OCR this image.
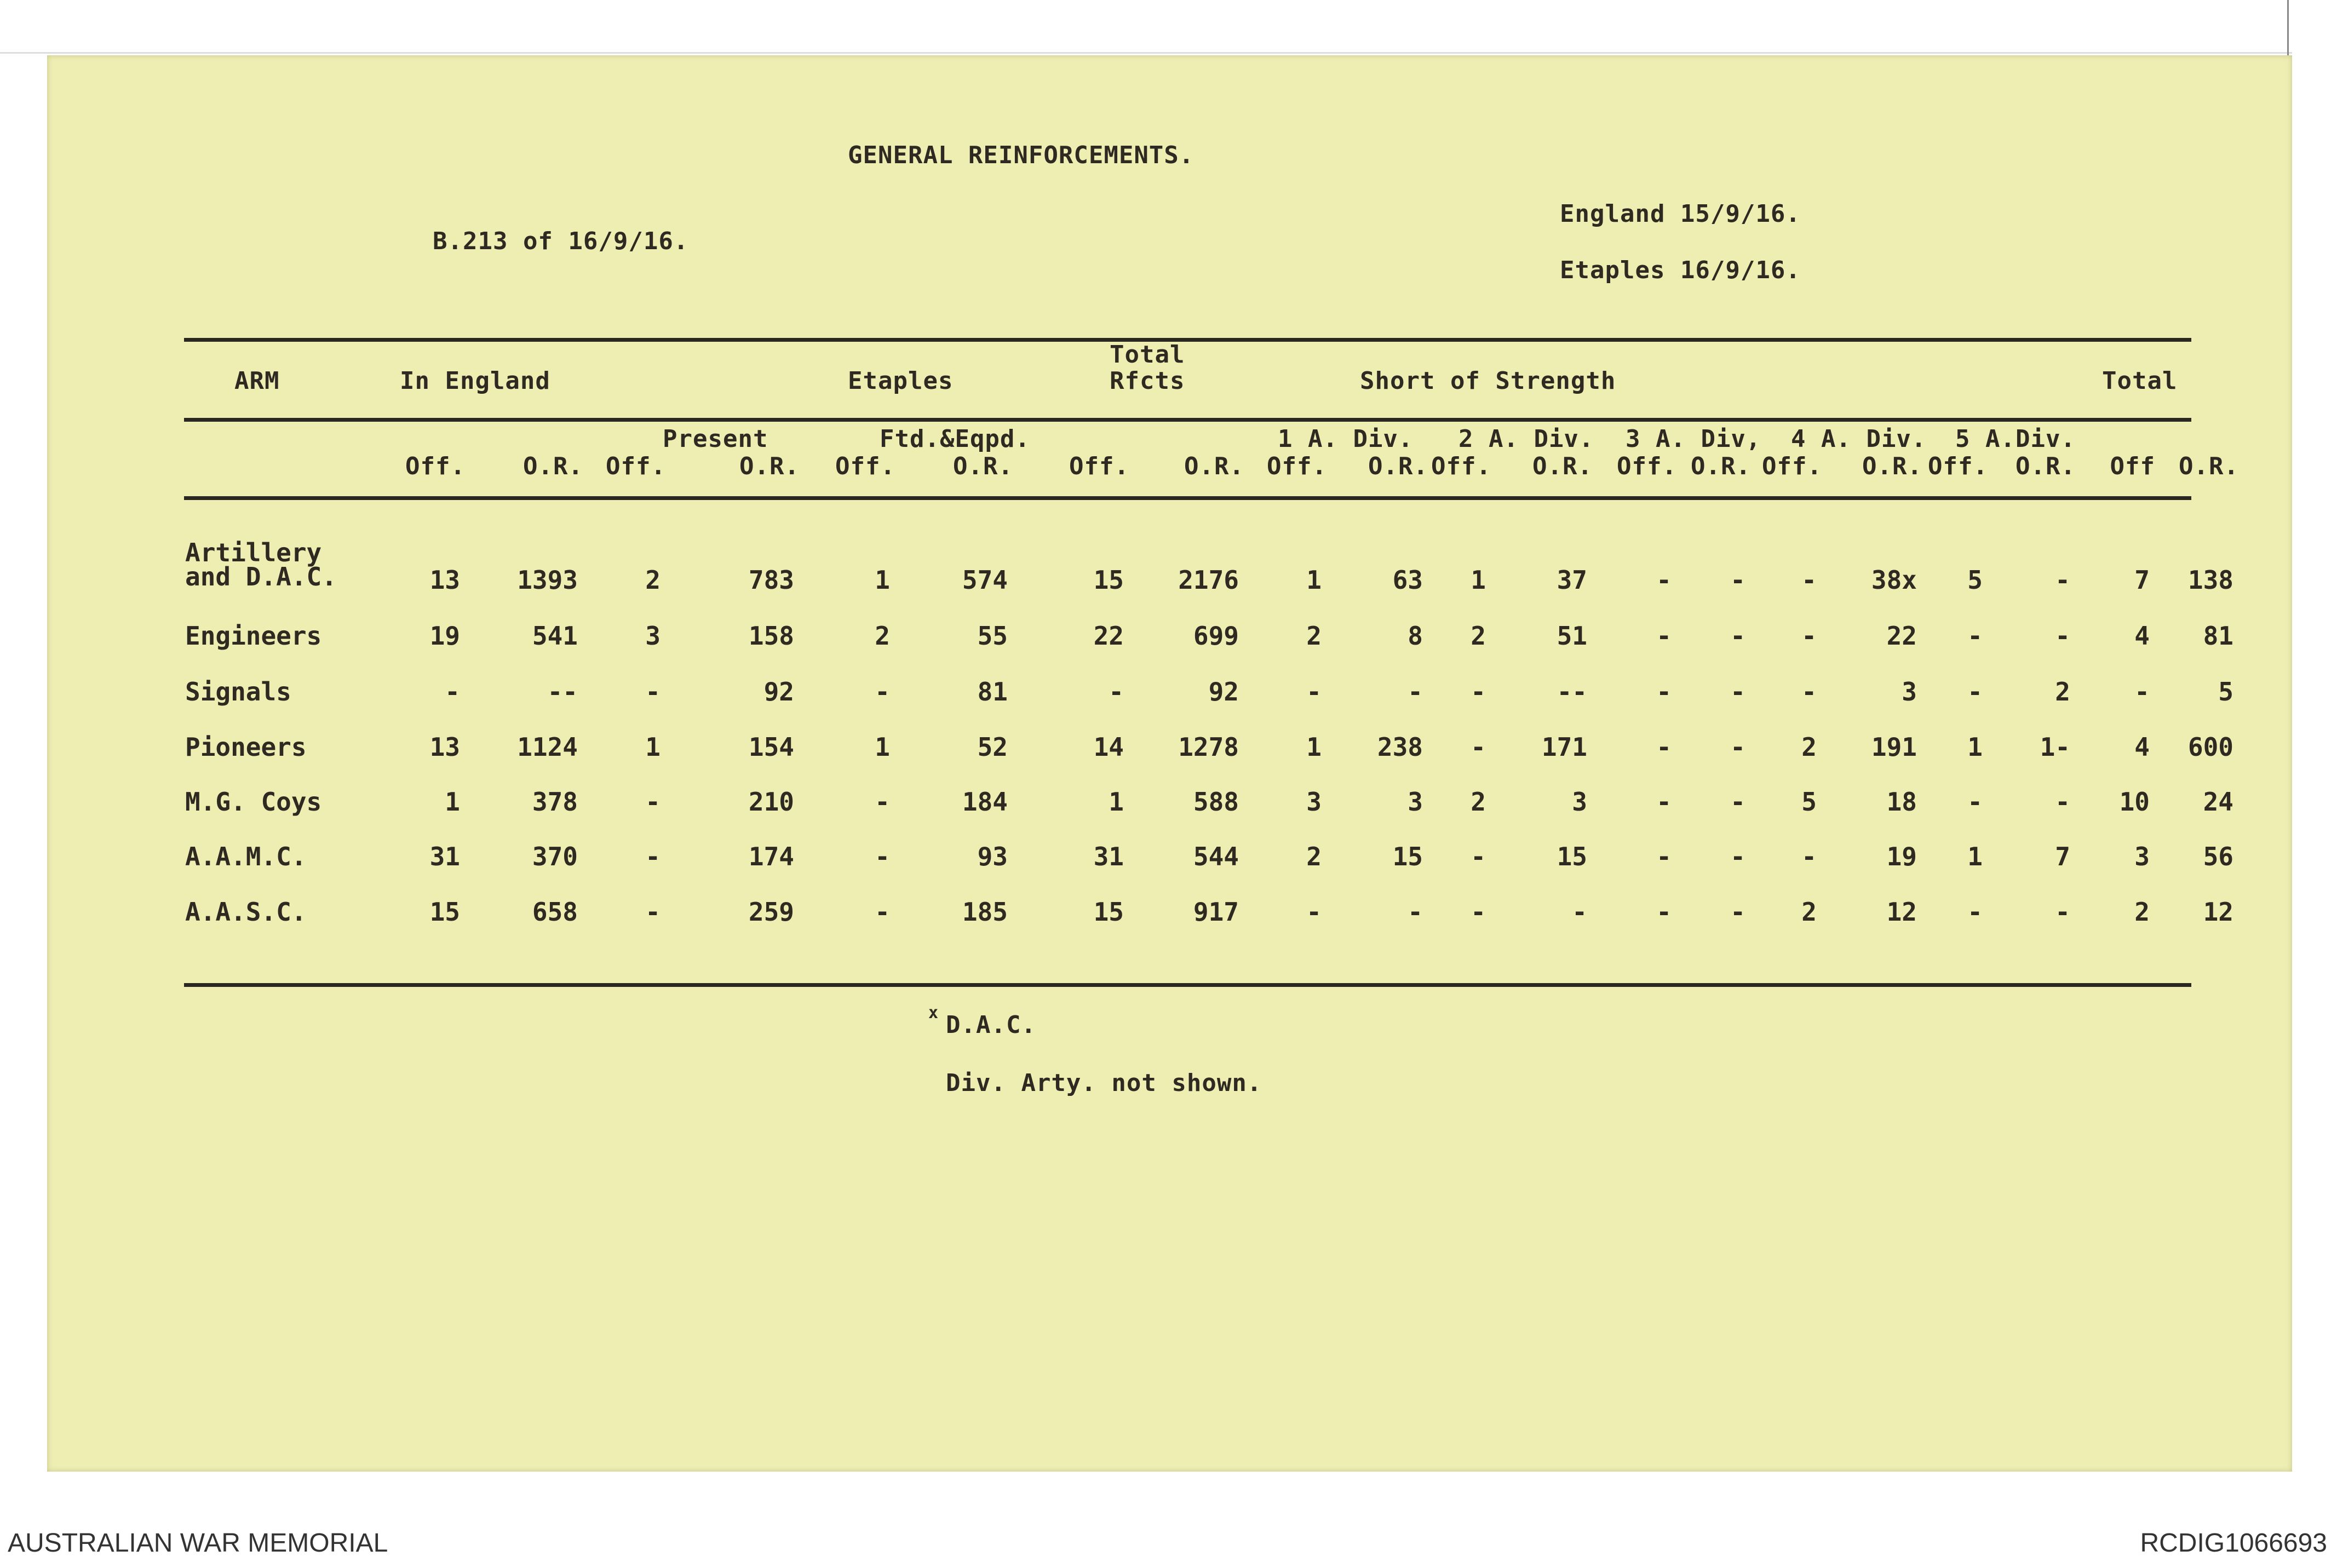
GENERAL REINFORCEMENTS.
B.213 of 16/9/16.
England 15/9/16.
Etaples 16/9/16.
ARM	In England	Etaples
Total
Rfcts	Short of Strength	Total
Present	Ftd.&Eqpd.	1 A. Div. 2 A. Div. 3 A. Div, 4 A. Div. 5 A.Div.
Off.	O.R. Off.	O.R.	Off.	O.R.	Off.	O.R. Off.	O.R. Off.	O.R.	Off. O.R. Off.	O.R. Off.	O.R.	Off O.R.
Artillery
and D.A.C.	13	1393	2	783	1	574	15	2176	1	63	1	37	-	-	-	38x	5	-	7	138
Engineers	19	541	3	158	2	55	22	699	2	8	2	51	-	-	-	22	-	-	4	81
Signals	-	--	-	92	-	81	-	92	-	-	-	--	-	-	-	3	-	2	-	5
Pioneers	13	1124	1	154	1	52	14	1278	1	238	-	171	-	-	2	191	1	1-	4	600
M.G. Coys	1	378	-	210	-	184	1	588	3	3	2	3	-	-	5	18	-	-	10	24
A.A.M.C.	31	370	-	174	-	93	31	544	2	15	-	15	-	-	-	19	1	7	3	56
A.A.S.C.	15	658	-	259	-	185	15	917	-	-	-	-	-	-	2	12	-	-	2	12
x D.A.C.
Div. Arty. not shown.
AUSTRALIAN WAR MEMORIAL	RCDIG1066693
